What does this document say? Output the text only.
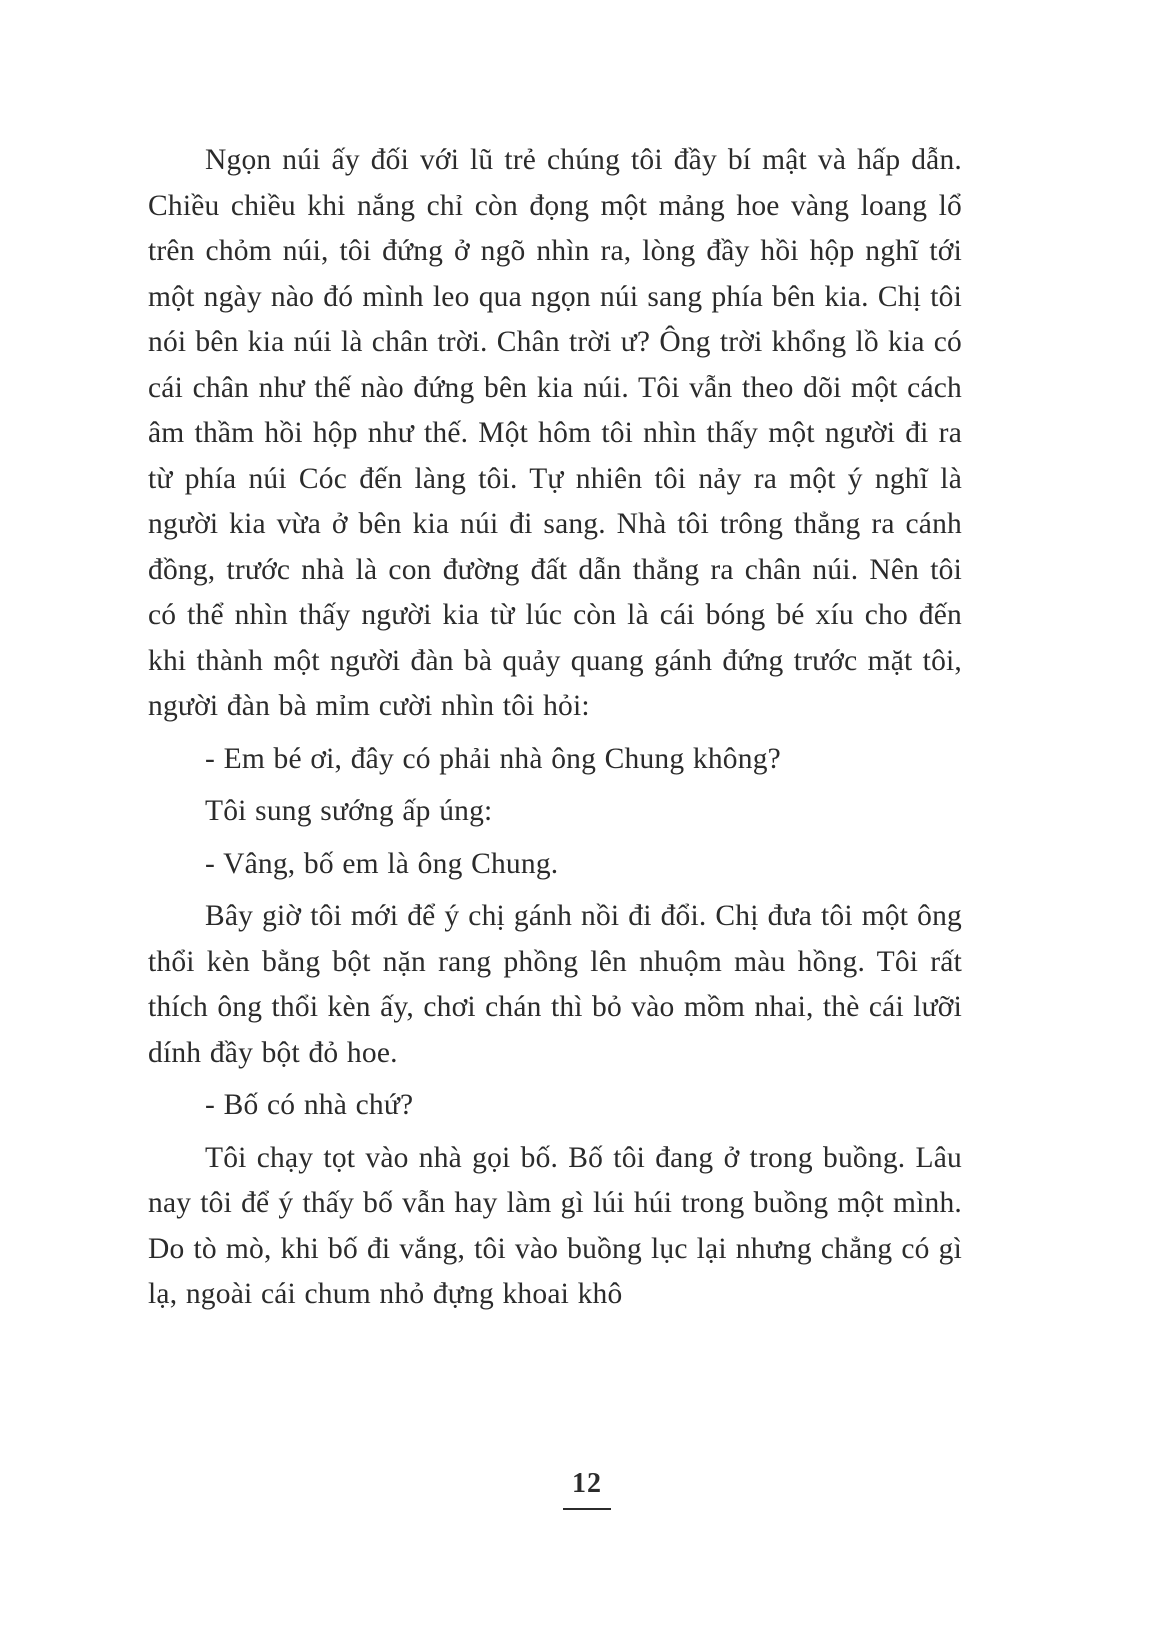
Ngọn núi ấy đối với lũ trẻ chúng tôi đầy bí mật và hấp dẫn. Chiều chiều khi nắng chỉ còn đọng một mảng hoe vàng loang lổ trên chỏm núi, tôi đứng ở ngõ nhìn ra, lòng đầy hồi hộp nghĩ tới một ngày nào đó mình leo qua ngọn núi sang phía bên kia. Chị tôi nói bên kia núi là chân trời. Chân trời ư? Ông trời khổng lồ kia có cái chân như thế nào đứng bên kia núi. Tôi vẫn theo dõi một cách âm thầm hồi hộp như thế. Một hôm tôi nhìn thấy một người đi ra từ phía núi Cóc đến làng tôi. Tự nhiên tôi nảy ra một ý nghĩ là người kia vừa ở bên kia núi đi sang. Nhà tôi trông thẳng ra cánh đồng, trước nhà là con đường đất dẫn thẳng ra chân núi. Nên tôi có thể nhìn thấy người kia từ lúc còn là cái bóng bé xíu cho đến khi thành một người đàn bà quảy quang gánh đứng trước mặt tôi, người đàn bà mỉm cười nhìn tôi hỏi:

- Em bé ơi, đây có phải nhà ông Chung không?

Tôi sung sướng ấp úng:

- Vâng, bố em là ông Chung.

Bây giờ tôi mới để ý chị gánh nồi đi đổi. Chị đưa tôi một ông thổi kèn bằng bột nặn rang phồng lên nhuộm màu hồng. Tôi rất thích ông thổi kèn ấy, chơi chán thì bỏ vào mồm nhai, thè cái lưỡi dính đầy bột đỏ hoe.

- Bố có nhà chứ?

Tôi chạy tọt vào nhà gọi bố. Bố tôi đang ở trong buồng. Lâu nay tôi để ý thấy bố vẫn hay làm gì lúi húi trong buồng một mình. Do tò mò, khi bố đi vắng, tôi vào buồng lục lại nhưng chẳng có gì lạ, ngoài cái chum nhỏ đựng khoai khô

12
